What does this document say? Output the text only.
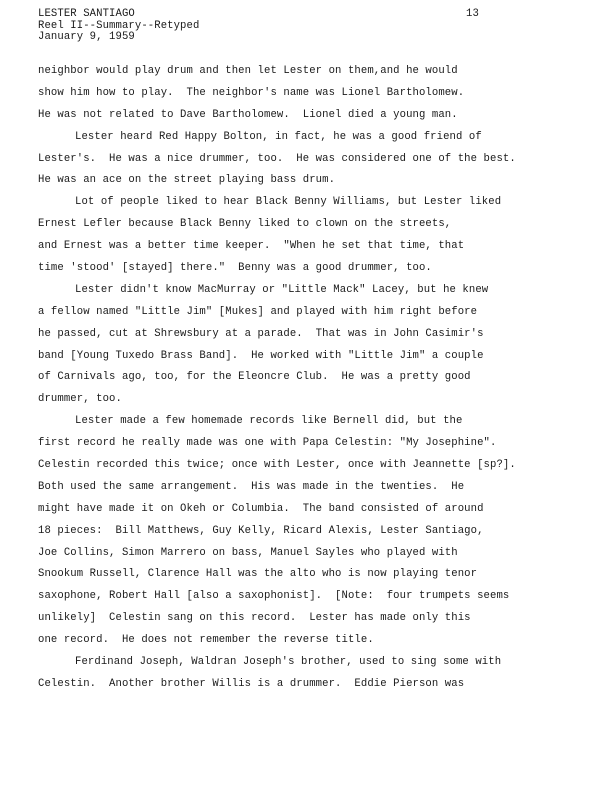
LESTER SANTIAGO
Reel II--Summary--Retyped
January 9, 1959
13
neighbor would play drum and then let Lester on them,and he would
show him how to play.  The neighbor's name was Lionel Bartholomew.
He was not related to Dave Bartholomew.  Lionel died a young man.
Lester heard Red Happy Bolton, in fact, he was a good friend of
Lester's.  He was a nice drummer, too.  He was considered one of the best.
He was an ace on the street playing bass drum.
Lot of people liked to hear Black Benny Williams, but Lester liked
Ernest Lefler because Black Benny liked to clown on the streets,
and Ernest was a better time keeper.  "When he set that time, that
time 'stood' [stayed] there."  Benny was a good drummer, too.
Lester didn't know MacMurray or "Little Mack" Lacey, but he knew
a fellow named "Little Jim" [Mukes] and played with him right before
he passed, cut at Shrewsbury at a parade.  That was in John Casimir's
band [Young Tuxedo Brass Band].  He worked with "Little Jim" a couple
of Carnivals ago, too, for the Eleoncre Club.  He was a pretty good
drummer, too.
Lester made a few homemade records like Bernell did, but the
first record he really made was one with Papa Celestin: "My Josephine".
Celestin recorded this twice; once with Lester, once with Jeannette [sp?].
Both used the same arrangement.  His was made in the twenties.  He
might have made it on Okeh or Columbia.  The band consisted of around
18 pieces:  Bill Matthews, Guy Kelly, Ricard Alexis, Lester Santiago,
Joe Collins, Simon Marrero on bass, Manuel Sayles who played with
Snookum Russell, Clarence Hall was the alto who is now playing tenor
saxophone, Robert Hall [also a saxophonist].  [Note:  four trumpets seems
unlikely]  Celestin sang on this record.  Lester has made only this
one record.  He does not remember the reverse title.
Ferdinand Joseph, Waldran Joseph's brother, used to sing some with
Celestin.  Another brother Willis is a drummer.  Eddie Pierson was
